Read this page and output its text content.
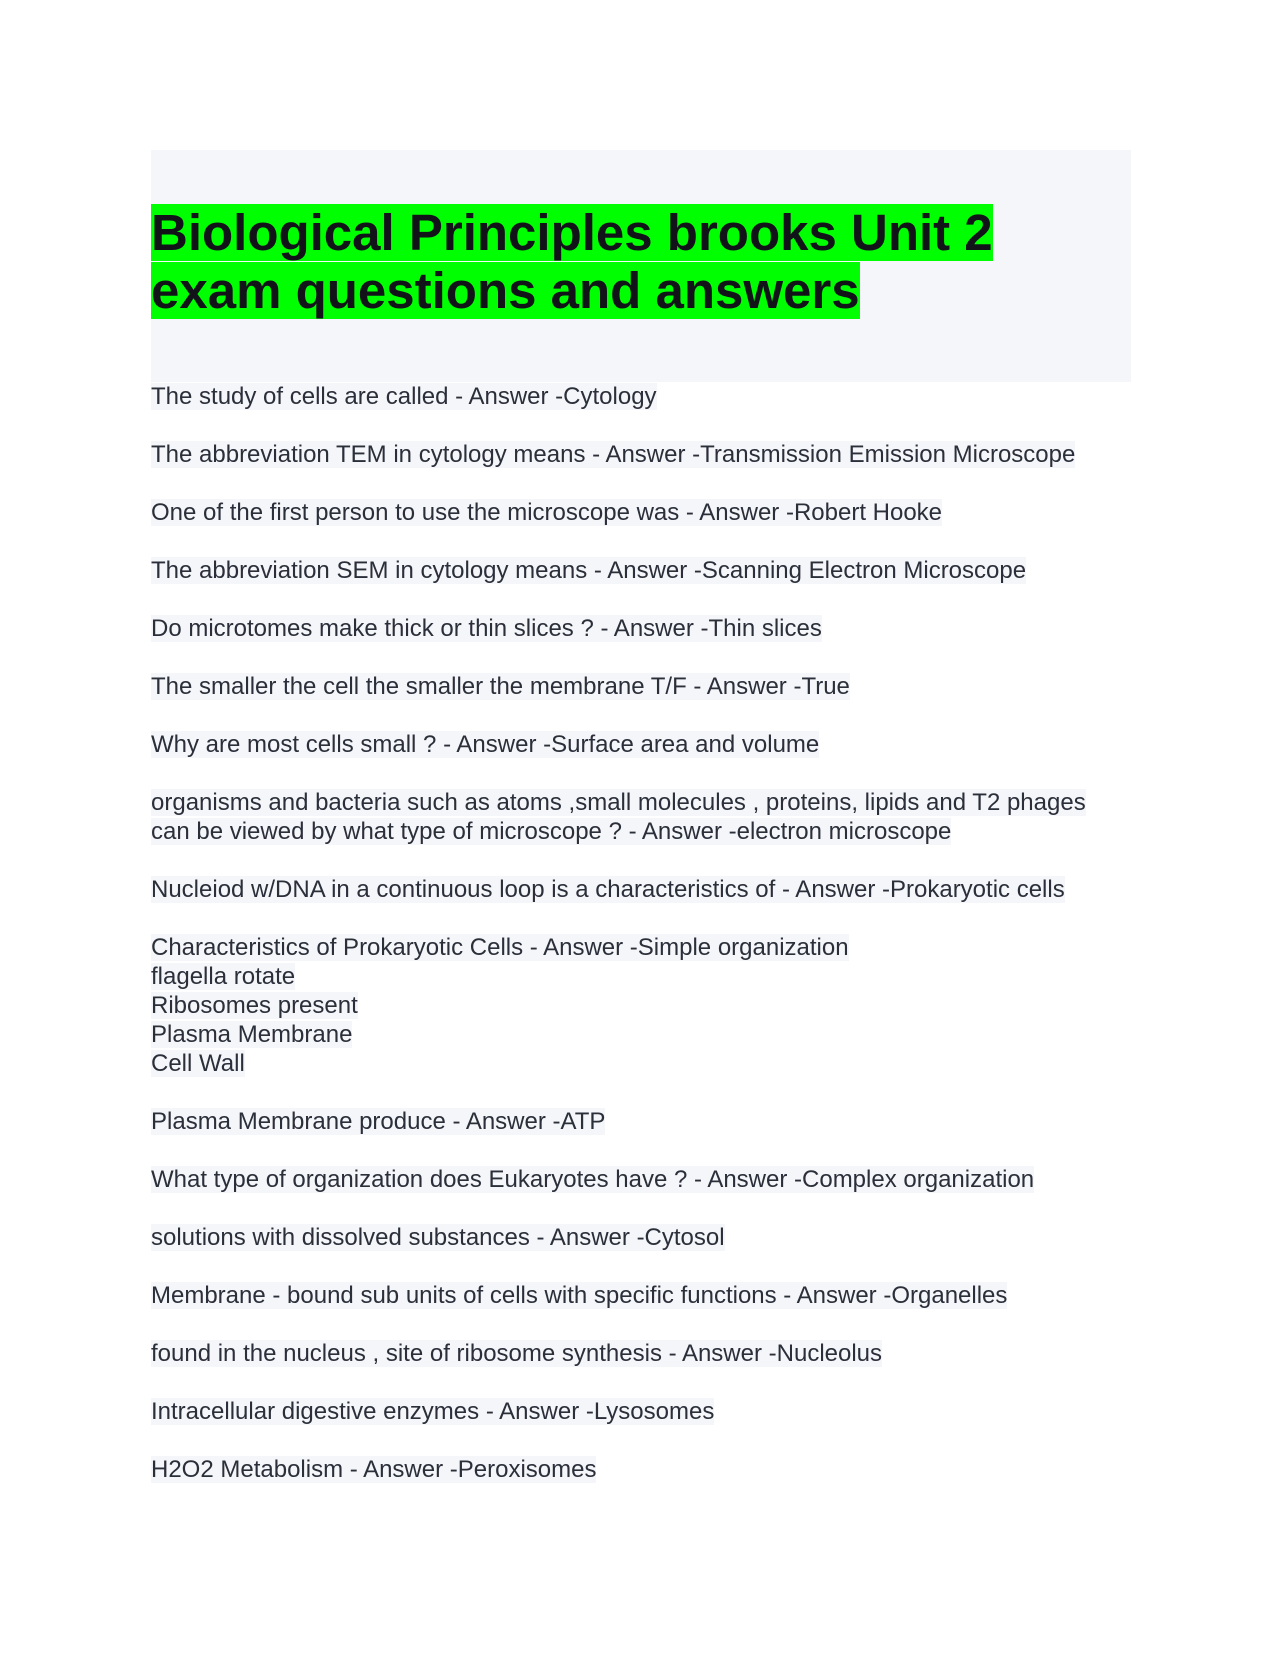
Biological Principles brooks Unit 2 exam questions and answers

The study of cells are called - Answer -Cytology

The abbreviation TEM in cytology means - Answer -Transmission Emission Microscope

One of the first person to use the microscope was - Answer -Robert Hooke

The abbreviation SEM in cytology means - Answer -Scanning Electron Microscope

Do microtomes make thick or thin slices ? - Answer -Thin slices

The smaller the cell the smaller the membrane T/F - Answer -True

Why are most cells small ? - Answer -Surface area and volume

organisms and bacteria such as atoms ,small molecules , proteins, lipids and T2 phages can be viewed by what type of microscope ? - Answer -electron microscope

Nucleiod w/DNA in a continuous loop is a characteristics of - Answer -Prokaryotic cells

Characteristics of Prokaryotic Cells - Answer -Simple organization
flagella rotate
Ribosomes present
Plasma Membrane
Cell Wall

Plasma Membrane produce - Answer -ATP

What type of organization does Eukaryotes have ? - Answer -Complex organization

solutions with dissolved substances - Answer -Cytosol

Membrane - bound sub units of cells with specific functions - Answer -Organelles

found in the nucleus , site of ribosome synthesis - Answer -Nucleolus

Intracellular digestive enzymes - Answer -Lysosomes

H2O2 Metabolism - Answer -Peroxisomes
